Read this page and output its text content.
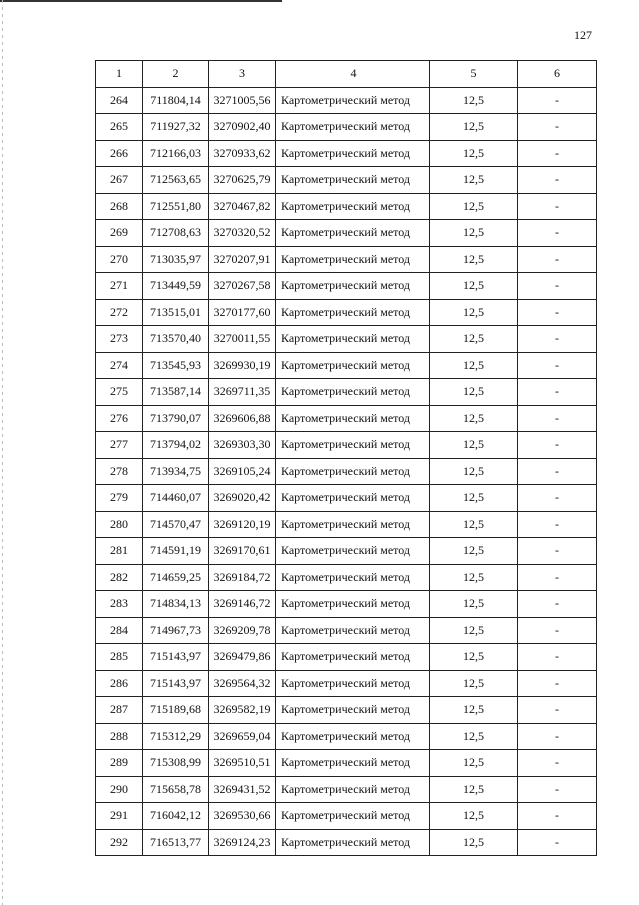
127
1	2	3	4	5	6
264	711804,14	3271005,56	Картометрический метод	12,5	-
265	711927,32	3270902,40	Картометрический метод	12,5	-
266	712166,03	3270933,62	Картометрический метод	12,5	-
267	712563,65	3270625,79	Картометрический метод	12,5	-
268	712551,80	3270467,82	Картометрический метод	12,5	-
269	712708,63	3270320,52	Картометрический метод	12,5	-
270	713035,97	3270207,91	Картометрический метод	12,5	-
271	713449,59	3270267,58	Картометрический метод	12,5	-
272	713515,01	3270177,60	Картометрический метод	12,5	-
273	713570,40	3270011,55	Картометрический метод	12,5	-
274	713545,93	3269930,19	Картометрический метод	12,5	-
275	713587,14	3269711,35	Картометрический метод	12,5	-
276	713790,07	3269606,88	Картометрический метод	12,5	-
277	713794,02	3269303,30	Картометрический метод	12,5	-
278	713934,75	3269105,24	Картометрический метод	12,5	-
279	714460,07	3269020,42	Картометрический метод	12,5	-
280	714570,47	3269120,19	Картометрический метод	12,5	-
281	714591,19	3269170,61	Картометрический метод	12,5	-
282	714659,25	3269184,72	Картометрический метод	12,5	-
283	714834,13	3269146,72	Картометрический метод	12,5	-
284	714967,73	3269209,78	Картометрический метод	12,5	-
285	715143,97	3269479,86	Картометрический метод	12,5	-
286	715143,97	3269564,32	Картометрический метод	12,5	-
287	715189,68	3269582,19	Картометрический метод	12,5	-
288	715312,29	3269659,04	Картометрический метод	12,5	-
289	715308,99	3269510,51	Картометрический метод	12,5	-
290	715658,78	3269431,52	Картометрический метод	12,5	-
291	716042,12	3269530,66	Картометрический метод	12,5	-
292	716513,77	3269124,23	Картометрический метод	12,5	-
